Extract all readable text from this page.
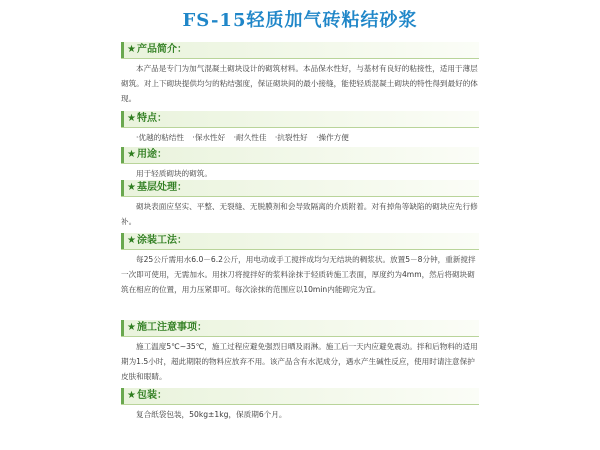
FS-15轻质加气砖粘结砂浆
★产品简介：
本产品是专门为加气混凝土砌块设计的砌筑材料。本品保水性好，与基材有良好的粘接性，适用于薄层砌筑。对上下砌块提供均匀的粘结强度，保证砌块间的最小接缝，能使轻质混凝土砌块的特性得到最好的体现。
★特点：
·优越的粘结性 ·保水性好 ·耐久性佳 ·抗裂性好 ·操作方便
★用途：
用于轻质砌块的砌筑。
★基层处理：
砌块表面应坚实、平整、无裂缝、无脱膜剂和会导致隔离的介质附着。对有掉角等缺陷的砌块应先行修补。
★涂装工法：
每25公斤需用水6.0－6.2公斤，用电动或手工搅拌成均匀无结块的稠浆状。放置5－8分钟，重新搅拌一次即可使用，无需加水。用抹刀将搅拌好的浆料涂抹于轻质砖施工表面，厚度约为4mm，然后将砌块砌筑在相应的位置，用力压紧即可。每次涂抹的范围应以10min内能砌完为宜。
★施工注意事项：
施工温度5℃~35℃，施工过程应避免强烈日晒及雨淋。施工后一天内应避免震动。拌和后物料的适用期为1.5小时，超此期限的物料应放弃不用。该产品含有水泥成分，遇水产生碱性反应，使用时请注意保护皮肤和眼睛。
★包装：
复合纸袋包装，50kg±1kg，保质期6个月。
